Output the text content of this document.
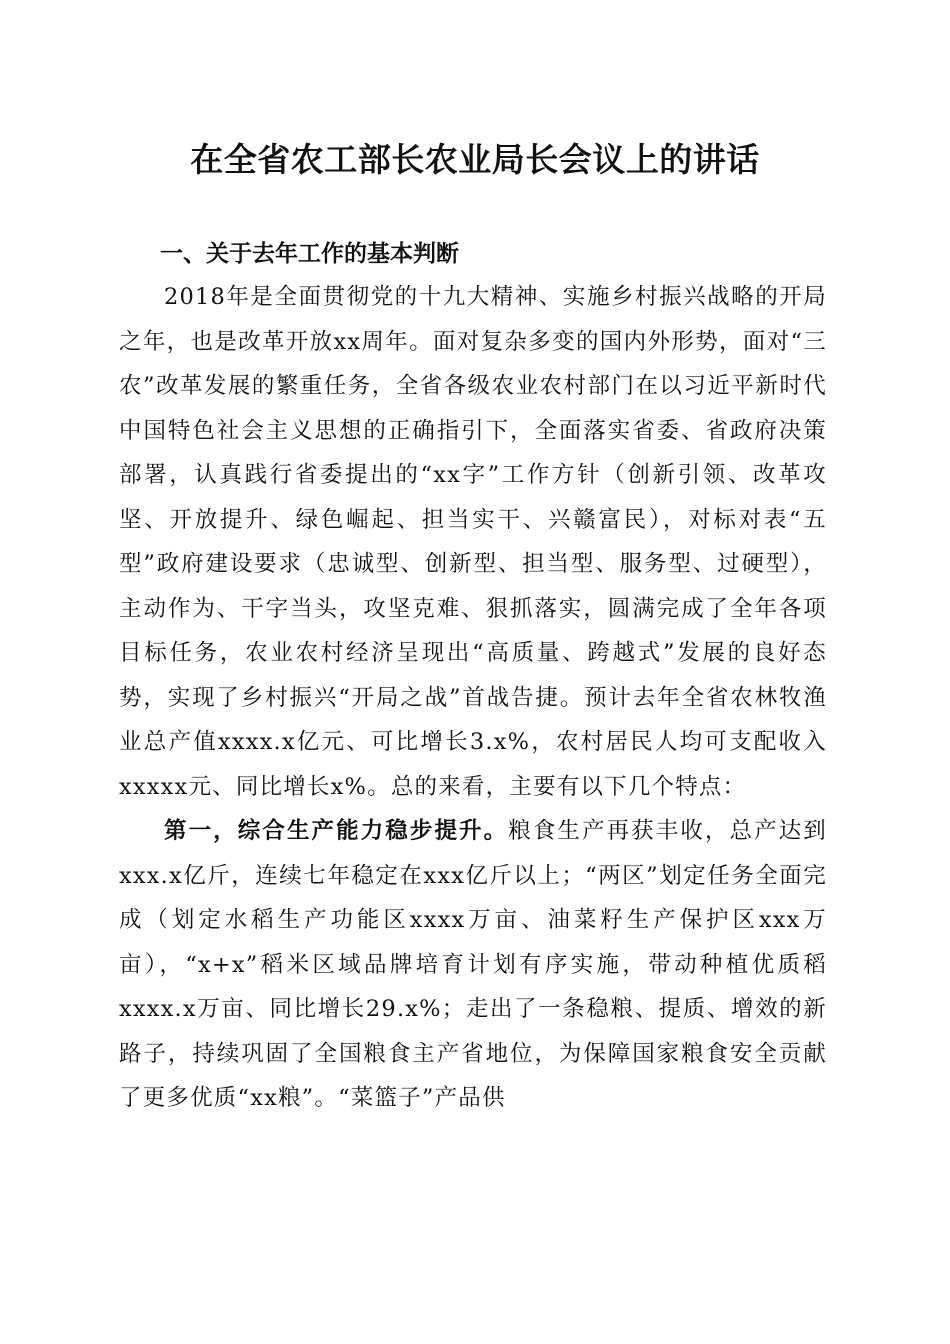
在全省农工部长农业局长会议上的讲话
一、关于去年工作的基本判断

2018年是全面贯彻党的十九大精神、实施乡村振兴战略的开局之年，也是改革开放xx周年。面对复杂多变的国内外形势，面对“三农”改革发展的繁重任务，全省各级农业农村部门在以习近平新时代中国特色社会主义思想的正确指引下，全面落实省委、省政府决策部署，认真践行省委提出的“xx字”工作方针（创新引领、改革攻坚、开放提升、绿色崛起、担当实干、兴赣富民），对标对表“五型”政府建设要求（忠诚型、创新型、担当型、服务型、过硬型），主动作为、干字当头，攻坚克难、狠抓落实，圆满完成了全年各项目标任务，农业农村经济呈现出“高质量、跨越式”发展的良好态势，实现了乡村振兴“开局之战”首战告捷。预计去年全省农林牧渔业总产值xxxx.x亿元、可比增长3.x%，农村居民人均可支配收入xxxxx元、同比增长x%。总的来看，主要有以下几个特点：

第一，综合生产能力稳步提升。粮食生产再获丰收，总产达到xxx.x亿斤，连续七年稳定在xxx亿斤以上；“两区”划定任务全面完成（划定水稻生产功能区xxxx万亩、油菜籽生产保护区xxx万亩），“x+x”稻米区域品牌培育计划有序实施，带动种植优质稻xxxx.x万亩、同比增长29.x%；走出了一条稳粮、提质、增效的新路子，持续巩固了全国粮食主产省地位，为保障国家粮食安全贡献了更多优质“xx粮”。“菜篮子”产品供
